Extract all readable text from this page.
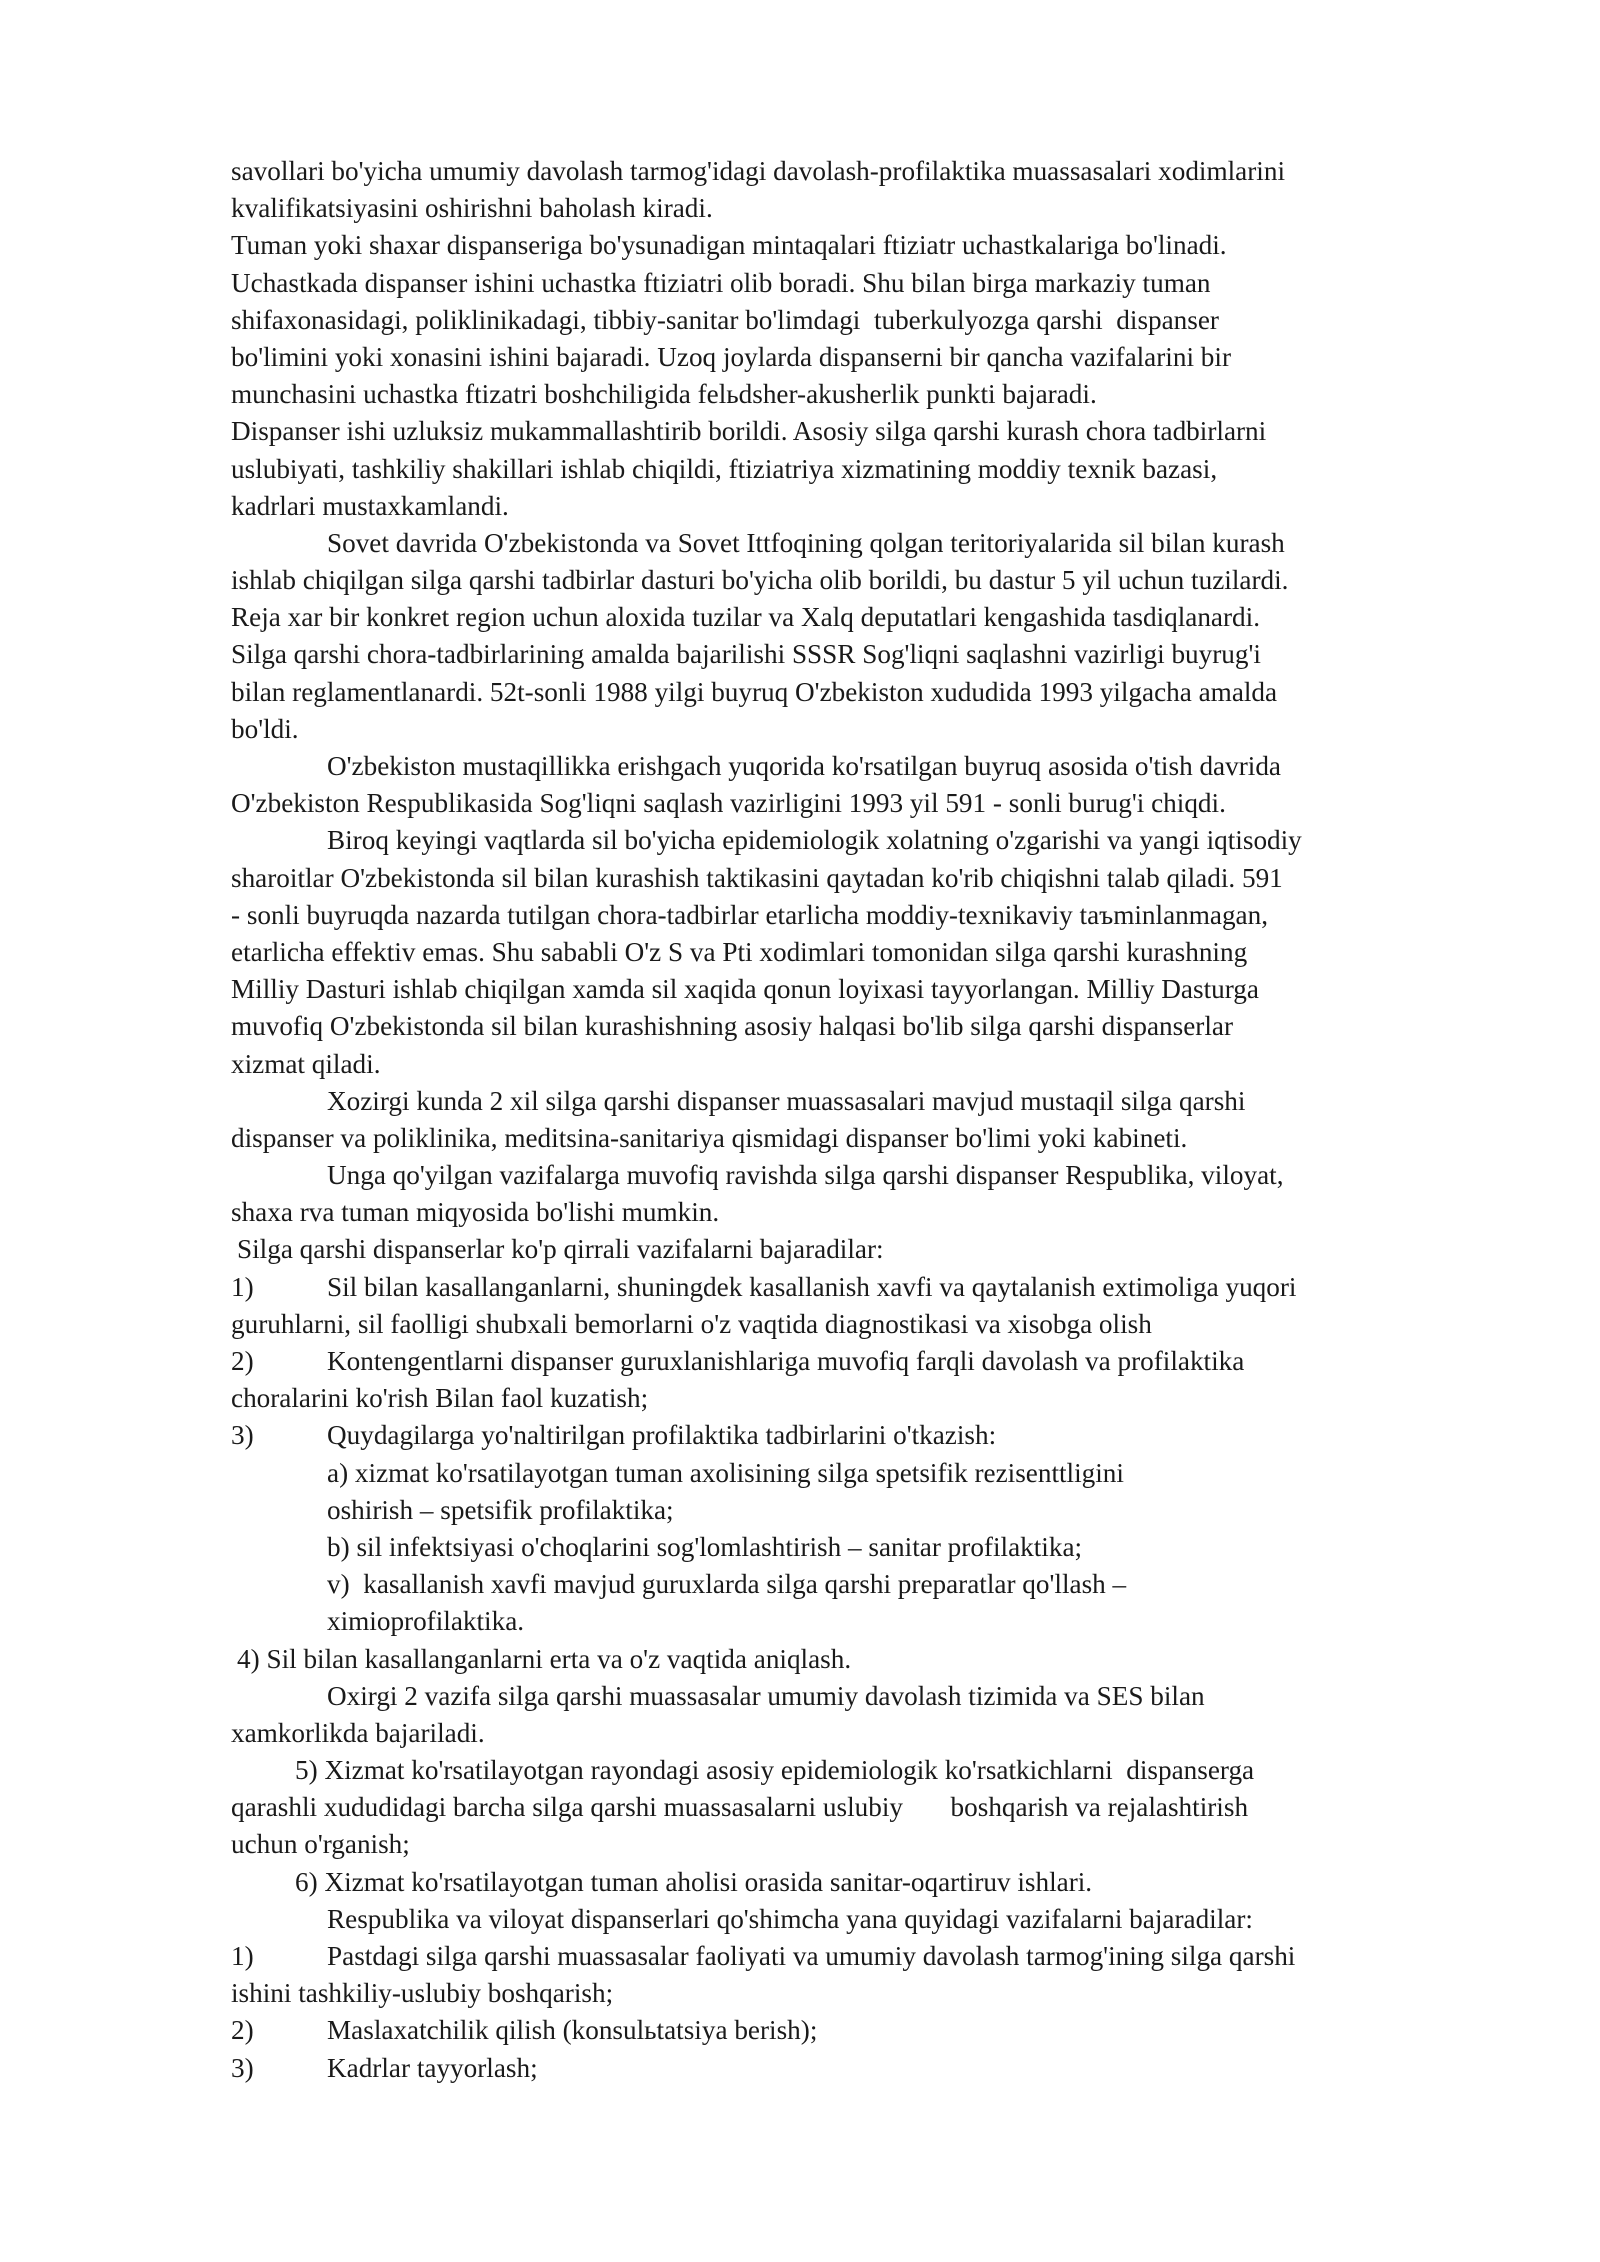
savollari bo'yicha umumiy davolash tarmog'idagi davolash-profilaktika muassasalari xodimlarini
kvalifikatsiyasini oshirishni baholash kiradi.
Tuman yoki shaxar dispanseriga bo'ysunadigan mintaqalari ftiziatr uchastkalariga bo'linadi.
Uchastkada dispanser ishini uchastka ftiziatri olib boradi. Shu bilan birga markaziy tuman
shifaxonasidagi, poliklinikadagi, tibbiy-sanitar bo'limdagi  tuberkulyozga qarshi  dispanser
bo'limini yoki xonasini ishini bajaradi. Uzoq joylarda dispanserni bir qancha vazifalarini bir
munchasini uchastka ftizatri boshchiligida felьdsher-akusherlik punkti bajaradi.
Dispanser ishi uzluksiz mukammallashtirib borildi. Asosiy silga qarshi kurash chora tadbirlarni
uslubiyati, tashkiliy shakillari ishlab chiqildi, ftiziatriya xizmatining moddiy texnik bazasi,
kadrlari mustaxkamlandi.
Sovet davrida O'zbekistonda va Sovet Ittfoqining qolgan teritoriyalarida sil bilan kurash
ishlab chiqilgan silga qarshi tadbirlar dasturi bo'yicha olib borildi, bu dastur 5 yil uchun tuzilardi.
Reja xar bir konkret region uchun aloxida tuzilar va Xalq deputatlari kengashida tasdiqlanardi.
Silga qarshi chora-tadbirlarining amalda bajarilishi SSSR Sog'liqni saqlashni vazirligi buyrug'i
bilan reglamentlanardi. 52t-sonli 1988 yilgi buyruq O'zbekiston xududida 1993 yilgacha amalda
bo'ldi.
O'zbekiston mustaqillikka erishgach yuqorida ko'rsatilgan buyruq asosida o'tish davrida
O'zbekiston Respublikasida Sog'liqni saqlash vazirligini 1993 yil 591 - sonli burug'i chiqdi.
Biroq keyingi vaqtlarda sil bo'yicha epidemiologik xolatning o'zgarishi va yangi iqtisodiy
sharoitlar O'zbekistonda sil bilan kurashish taktikasini qaytadan ko'rib chiqishni talab qiladi. 591
- sonli buyruqda nazarda tutilgan chora-tadbirlar etarlicha moddiy-texnikaviy taъminlanmagan,
etarlicha effektiv emas. Shu sababli O'z S va Pti xodimlari tomonidan silga qarshi kurashning
Milliy Dasturi ishlab chiqilgan xamda sil xaqida qonun loyixasi tayyorlangan. Milliy Dasturga
muvofiq O'zbekistonda sil bilan kurashishning asosiy halqasi bo'lib silga qarshi dispanserlar
xizmat qiladi.
Xozirgi kunda 2 xil silga qarshi dispanser muassasalari mavjud mustaqil silga qarshi
dispanser va poliklinika, meditsina-sanitariya qismidagi dispanser bo'limi yoki kabineti.
Unga qo'yilgan vazifalarga muvofiq ravishda silga qarshi dispanser Respublika, viloyat,
shaxa rva tuman miqyosida bo'lishi mumkin.
Silga qarshi dispanserlar ko'p qirrali vazifalarni bajaradilar:
1)	Sil bilan kasallanganlarni, shuningdek kasallanish xavfi va qaytalanish extimoliga yuqori
guruhlarni, sil faolligi shubxali bemorlarni o'z vaqtida diagnostikasi va xisobga olish
2)	Kontengentlarni dispanser guruxlanishlariga muvofiq farqli davolash va profilaktika
choralarini ko'rish Bilan faol kuzatish;
3)	Quydagilarga yo'naltirilgan profilaktika tadbirlarini o'tkazish:
a) xizmat ko'rsatilayotgan tuman axolisining silga spetsifik rezisenttligini
oshirish – spetsifik profilaktika;
b) sil infektsiyasi o'choqlarini sog'lomlashtirish – sanitar profilaktika;
v)  kasallanish xavfi mavjud guruxlarda silga qarshi preparatlar qo'llash –
ximioprofilaktika.
4) Sil bilan kasallanganlarni erta va o'z vaqtida aniqlash.
Oxirgi 2 vazifa silga qarshi muassasalar umumiy davolash tizimida va SES bilan
xamkorlikda bajariladi.
5) Xizmat ko'rsatilayotgan rayondagi asosiy epidemiologik ko'rsatkichlarni  dispanserga
qarashli xududidagi barcha silga qarshi muassasalarni uslubiy       boshqarish va rejalashtirish
uchun o'rganish;
6) Xizmat ko'rsatilayotgan tuman aholisi orasida sanitar-oqartiruv ishlari.
Respublika va viloyat dispanserlari qo'shimcha yana quyidagi vazifalarni bajaradilar:
1)	Pastdagi silga qarshi muassasalar faoliyati va umumiy davolash tarmog'ining silga qarshi
ishini tashkiliy-uslubiy boshqarish;
2)	Maslaxatchilik qilish (konsulьtatsiya berish);
3)	Kadrlar tayyorlash;
